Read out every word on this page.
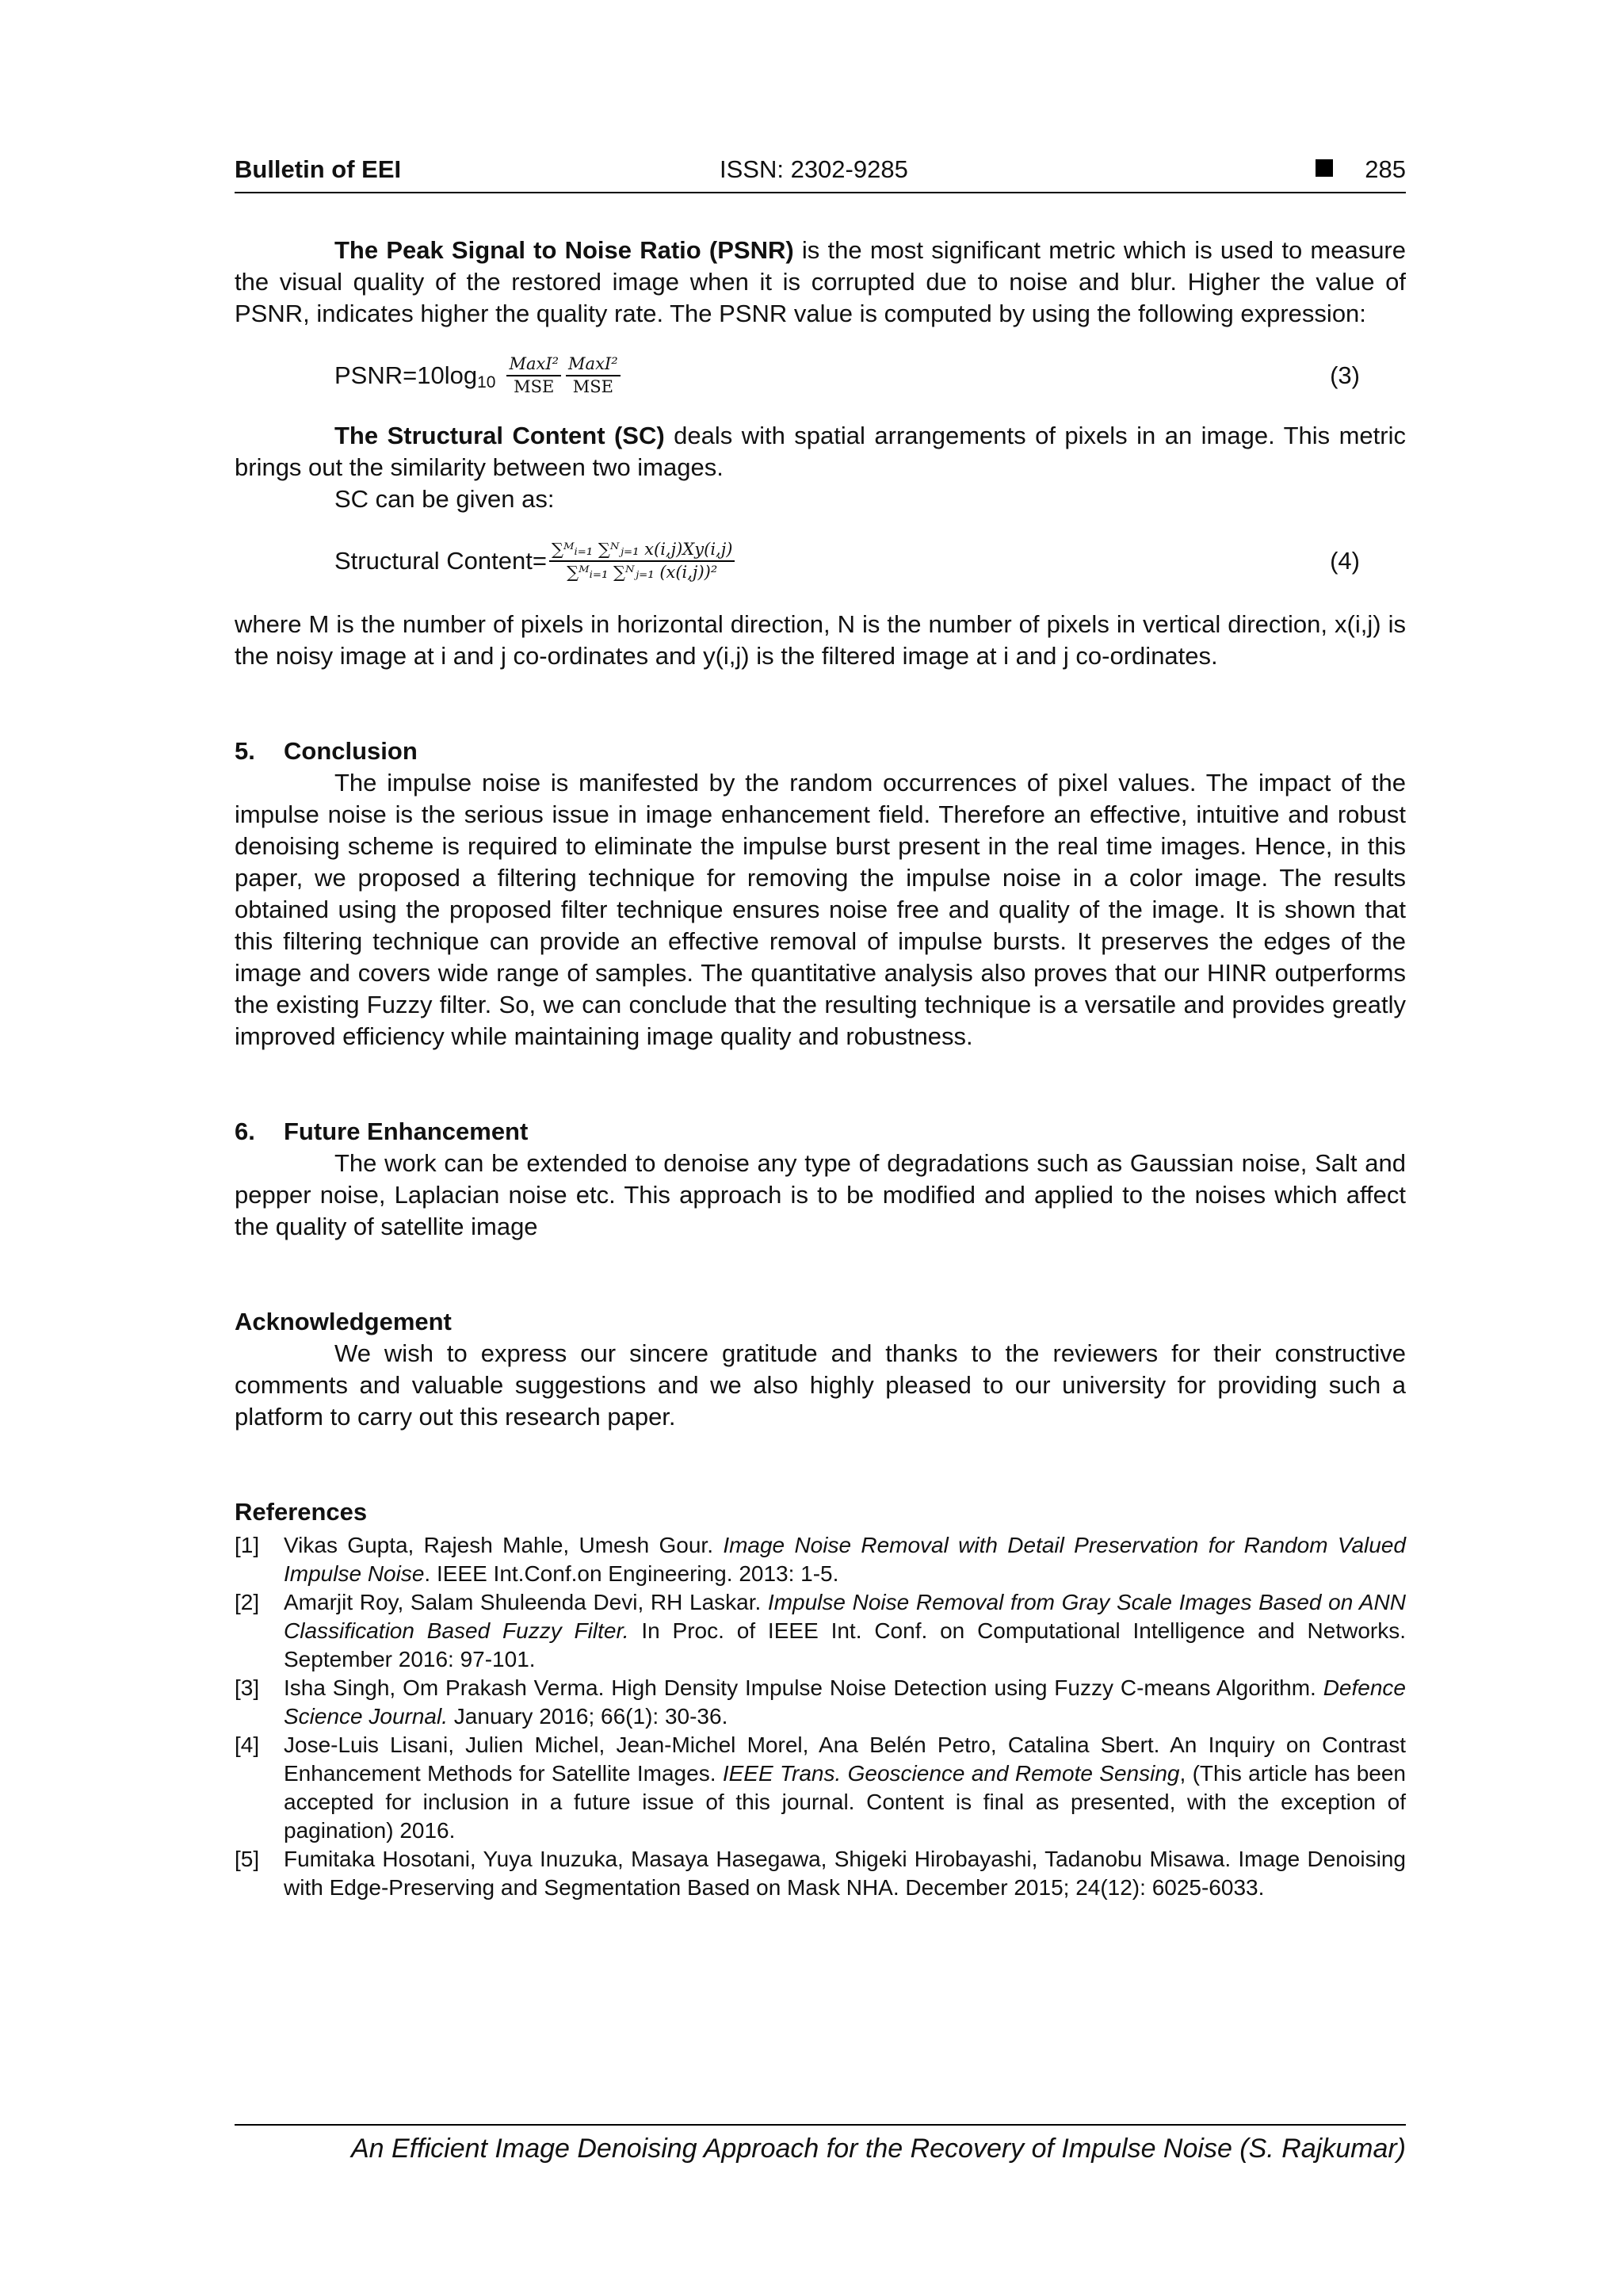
Bulletin of EEI	ISSN: 2302-9285	285

The Peak Signal to Noise Ratio (PSNR) is the most significant metric which is used to measure the visual quality of the restored image when it is corrupted due to noise and blur. Higher the value of PSNR, indicates higher the quality rate. The PSNR value is computed by using the following expression:

PSNR=10log $10 \frac{\text{MaxI²}}{\text{MSE}} \frac{\text{MaxI²}}{\text{MSE}}$	(3)

The Structural Content (SC) deals with spatial arrangements of pixels in an image. This metric brings out the similarity between two images.

SC can be given as:

Structural Content= $\frac{\text{∑ᴹᵢ₌₁ ∑ᴺⱼ₌₁ x(i,j)Xy(i,j)}}{\text{∑ᴹᵢ₌₁ ∑ᴺⱼ₌₁ (x(i,j))²}}$	(4)

where M is the number of pixels in horizontal direction, N is the number of pixels in vertical direction, x(i,j) is the noisy image at i and j co-ordinates and y(i,j) is the filtered image at i and j co-ordinates.

5. Conclusion

The impulse noise is manifested by the random occurrences of pixel values. The impact of the impulse noise is the serious issue in image enhancement field. Therefore an effective, intuitive and robust denoising scheme is required to eliminate the impulse burst present in the real time images. Hence, in this paper, we proposed a filtering technique for removing the impulse noise in a color image. The results obtained using the proposed filter technique ensures noise free and quality of the image. It is shown that this filtering technique can provide an effective removal of impulse bursts. It preserves the edges of the image and covers wide range of samples. The quantitative analysis also proves that our HINR outperforms the existing Fuzzy filter. So, we can conclude that the resulting technique is a versatile and provides greatly improved efficiency while maintaining image quality and robustness.

6. Future Enhancement

The work can be extended to denoise any type of degradations such as Gaussian noise, Salt and pepper noise, Laplacian noise etc. This approach is to be modified and applied to the noises which affect the quality of satellite image

Acknowledgement

We wish to express our sincere gratitude and thanks to the reviewers for their constructive comments and valuable suggestions and we also highly pleased to our university for providing such a platform to carry out this research paper.

References

[1]	Vikas Gupta, Rajesh Mahle, Umesh Gour. Image Noise Removal with Detail Preservation for Random Valued Impulse Noise. IEEE Int.Conf.on Engineering. 2013: 1-5.
[2]	Amarjit Roy, Salam Shuleenda Devi, RH Laskar. Impulse Noise Removal from Gray Scale Images Based on ANN Classification Based Fuzzy Filter. In Proc. of IEEE Int. Conf. on Computational Intelligence and Networks. September 2016: 97-101.
[3]	Isha Singh, Om Prakash Verma. High Density Impulse Noise Detection using Fuzzy C-means Algorithm. Defence Science Journal. January 2016; 66(1): 30-36.
[4]	Jose-Luis Lisani, Julien Michel, Jean-Michel Morel, Ana Belén Petro, Catalina Sbert. An Inquiry on Contrast Enhancement Methods for Satellite Images. IEEE Trans. Geoscience and Remote Sensing, (This article has been accepted for inclusion in a future issue of this journal. Content is final as presented, with the exception of pagination) 2016.
[5]	Fumitaka Hosotani, Yuya Inuzuka, Masaya Hasegawa, Shigeki Hirobayashi, Tadanobu Misawa. Image Denoising with Edge-Preserving and Segmentation Based on Mask NHA. December 2015; 24(12): 6025-6033.
An Efficient Image Denoising Approach for the Recovery of Impulse Noise (S. Rajkumar)
